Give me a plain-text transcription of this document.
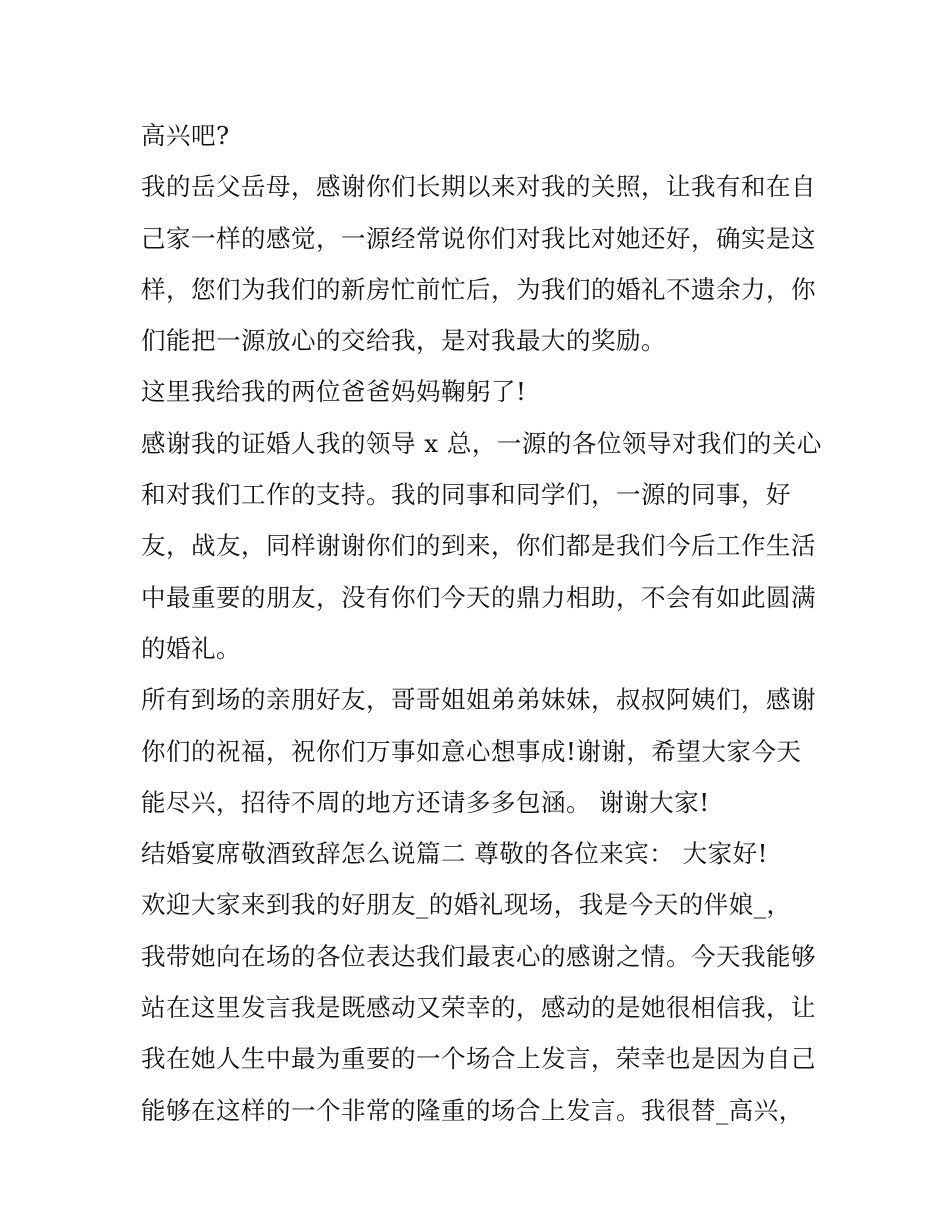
高兴吧?
我的岳父岳母，感谢你们长期以来对我的关照，让我有和在自
己家一样的感觉，一源经常说你们对我比对她还好，确实是这
样，您们为我们的新房忙前忙后，为我们的婚礼不遗余力，你
们能把一源放心的交给我，是对我最大的奖励。
这里我给我的两位爸爸妈妈鞠躬了!
感谢我的证婚人我的领导 x 总，一源的各位领导对我们的关心
和对我们工作的支持。我的同事和同学们，一源的同事，好
友，战友，同样谢谢你们的到来，你们都是我们今后工作生活
中最重要的朋友，没有你们今天的鼎力相助，不会有如此圆满
的婚礼。
所有到场的亲朋好友，哥哥姐姐弟弟妹妹，叔叔阿姨们，感谢
你们的祝福，祝你们万事如意心想事成!谢谢，希望大家今天
能尽兴，招待不周的地方还请多多包涵。 谢谢大家!
结婚宴席敬酒致辞怎么说篇二 尊敬的各位来宾： 大家好!
欢迎大家来到我的好朋友_的婚礼现场，我是今天的伴娘_，
我带她向在场的各位表达我们最衷心的感谢之情。今天我能够
站在这里发言我是既感动又荣幸的，感动的是她很相信我，让
我在她人生中最为重要的一个场合上发言，荣幸也是因为自己
能够在这样的一个非常的隆重的场合上发言。我很替_高兴，
